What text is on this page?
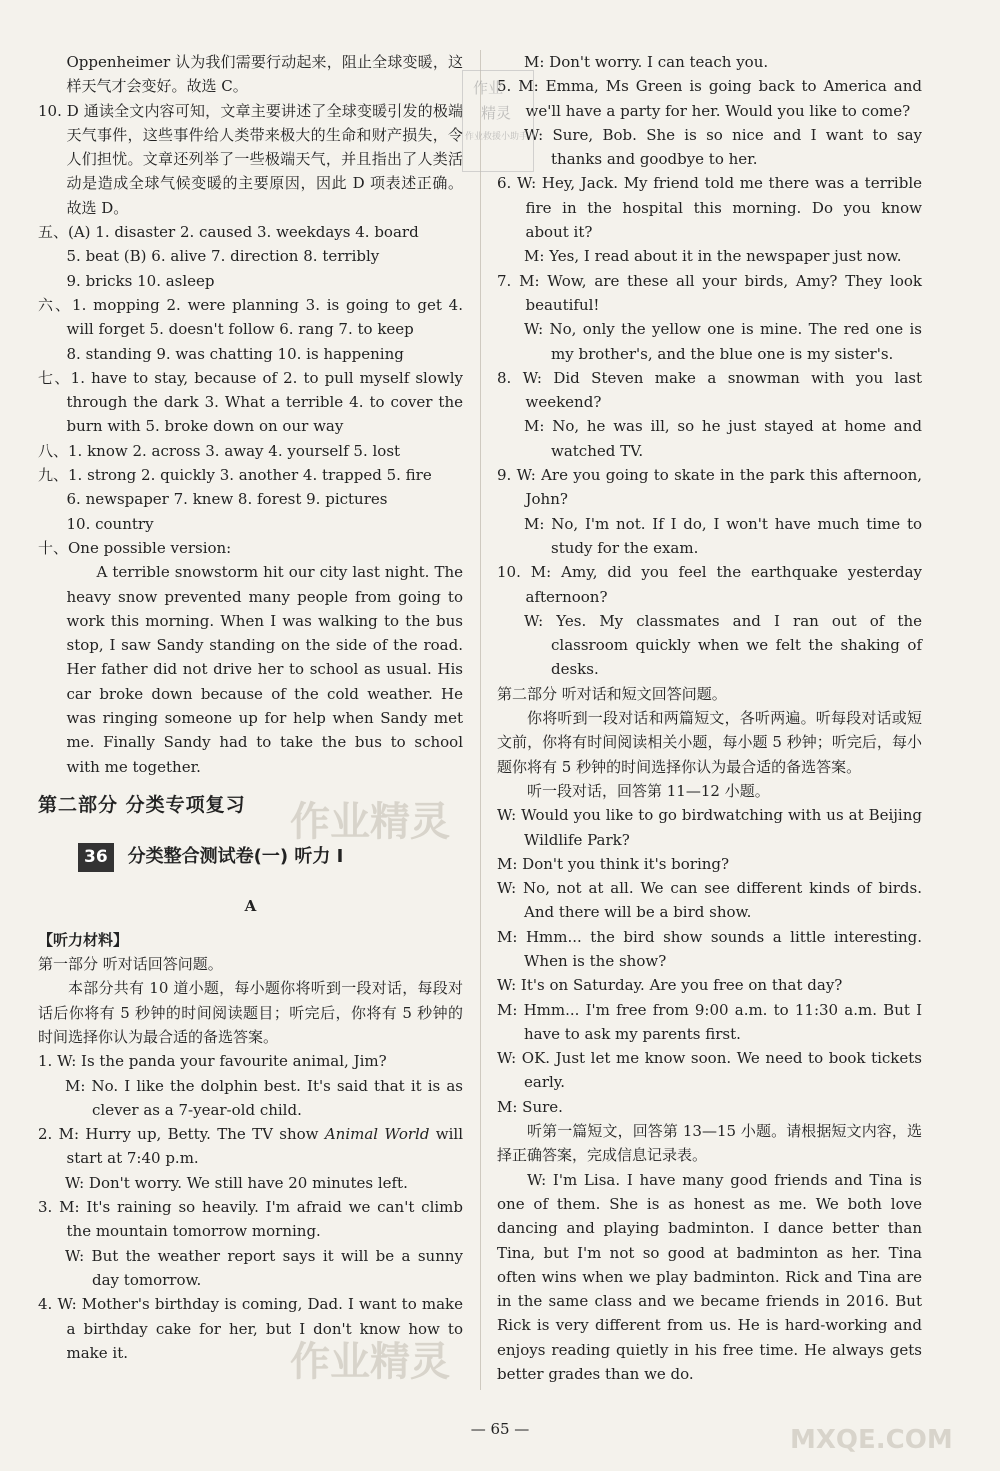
Oppenheimer 认为我们需要行动起来，阻止全球变暖，这样天气才会变好。故选 C。

10. D 通读全文内容可知，文章主要讲述了全球变暖引发的极端天气事件，这些事件给人类带来极大的生命和财产损失，令人们担忧。文章还列举了一些极端天气，并且指出了人类活动是造成全球气候变暖的主要原因，因此 D 项表述正确。故选 D。

五、(A) 1. disaster 2. caused 3. weekdays 4. board

5. beat (B) 6. alive 7. direction 8. terribly

9. bricks 10. asleep

六、1. mopping 2. were planning 3. is going to get 4. will forget 5. doesn't follow 6. rang 7. to keep

8. standing 9. was chatting 10. is happening

七、1. have to stay, because of 2. to pull myself slowly through the dark 3. What a terrible 4. to cover the burn with 5. broke down on our way

八、1. know 2. across 3. away 4. yourself 5. lost

九、1. strong 2. quickly 3. another 4. trapped 5. fire

6. newspaper 7. knew 8. forest 9. pictures

10. country

十、One possible version:

A terrible snowstorm hit our city last night. The heavy snow prevented many people from going to work this morning. When I was walking to the bus stop, I saw Sandy standing on the side of the road. Her father did not drive her to school as usual. His car broke down because of the cold weather. He was ringing someone up for help when Sandy met me. Finally Sandy had to take the bus to school with me together.

第二部分 分类专项复习
36	分类整合测试卷(一) 听力 I

A

【听力材料】

第一部分 听对话回答问题。

本部分共有 10 道小题，每小题你将听到一段对话，每段对话后你将有 5 秒钟的时间阅读题目；听完后，你将有 5 秒钟的时间选择你认为最合适的备选答案。

1. W: Is the panda your favourite animal, Jim?

M: No. I like the dolphin best. It's said that it is as clever as a 7-year-old child.

2. M: Hurry up, Betty. The TV show Animal World will start at 7:40 p.m.

W: Don't worry. We still have 20 minutes left.

3. M: It's raining so heavily. I'm afraid we can't climb the mountain tomorrow morning.

W: But the weather report says it will be a sunny day tomorrow.

4. W: Mother's birthday is coming, Dad. I want to make a birthday cake for her, but I don't know how to make it.

M: Don't worry. I can teach you.

5. M: Emma, Ms Green is going back to America and we'll have a party for her. Would you like to come?

W: Sure, Bob. She is so nice and I want to say thanks and goodbye to her.

6. W: Hey, Jack. My friend told me there was a terrible fire in the hospital this morning. Do you know about it?

M: Yes, I read about it in the newspaper just now.

7. M: Wow, are these all your birds, Amy? They look beautiful!

W: No, only the yellow one is mine. The red one is my brother's, and the blue one is my sister's.

8. W: Did Steven make a snowman with you last weekend?

M: No, he was ill, so he just stayed at home and watched TV.

9. W: Are you going to skate in the park this afternoon, John?

M: No, I'm not. If I do, I won't have much time to study for the exam.

10. M: Amy, did you feel the earthquake yesterday afternoon?

W: Yes. My classmates and I ran out of the classroom quickly when we felt the shaking of desks.

第二部分 听对话和短文回答问题。

你将听到一段对话和两篇短文，各听两遍。听每段对话或短文前，你将有时间阅读相关小题，每小题 5 秒钟；听完后，每小题你将有 5 秒钟的时间选择你认为最合适的备选答案。

听一段对话，回答第 11—12 小题。

W: Would you like to go birdwatching with us at Beijing Wildlife Park?

M: Don't you think it's boring?

W: No, not at all. We can see different kinds of birds. And there will be a bird show.

M: Hmm... the bird show sounds a little interesting. When is the show?

W: It's on Saturday. Are you free on that day?

M: Hmm... I'm free from 9:00 a.m. to 11:30 a.m. But I have to ask my parents first.

W: OK. Just let me know soon. We need to book tickets early.

M: Sure.

听第一篇短文，回答第 13—15 小题。请根据短文内容，选择正确答案，完成信息记录表。

W: I'm Lisa. I have many good friends and Tina is one of them. She is as honest as me. We both love dancing and playing badminton. I dance better than Tina, but I'm not so good at badminton as her. Tina often wins when we play badminton. Rick and Tina are in the same class and we became friends in 2016. But Rick is very different from us. He is hard-working and enjoys reading quietly in his free time. He always gets better grades than we do.

作业
精灵
作业救援小助手
作业精灵
作业精灵
MXQE.COM
— 65 —
